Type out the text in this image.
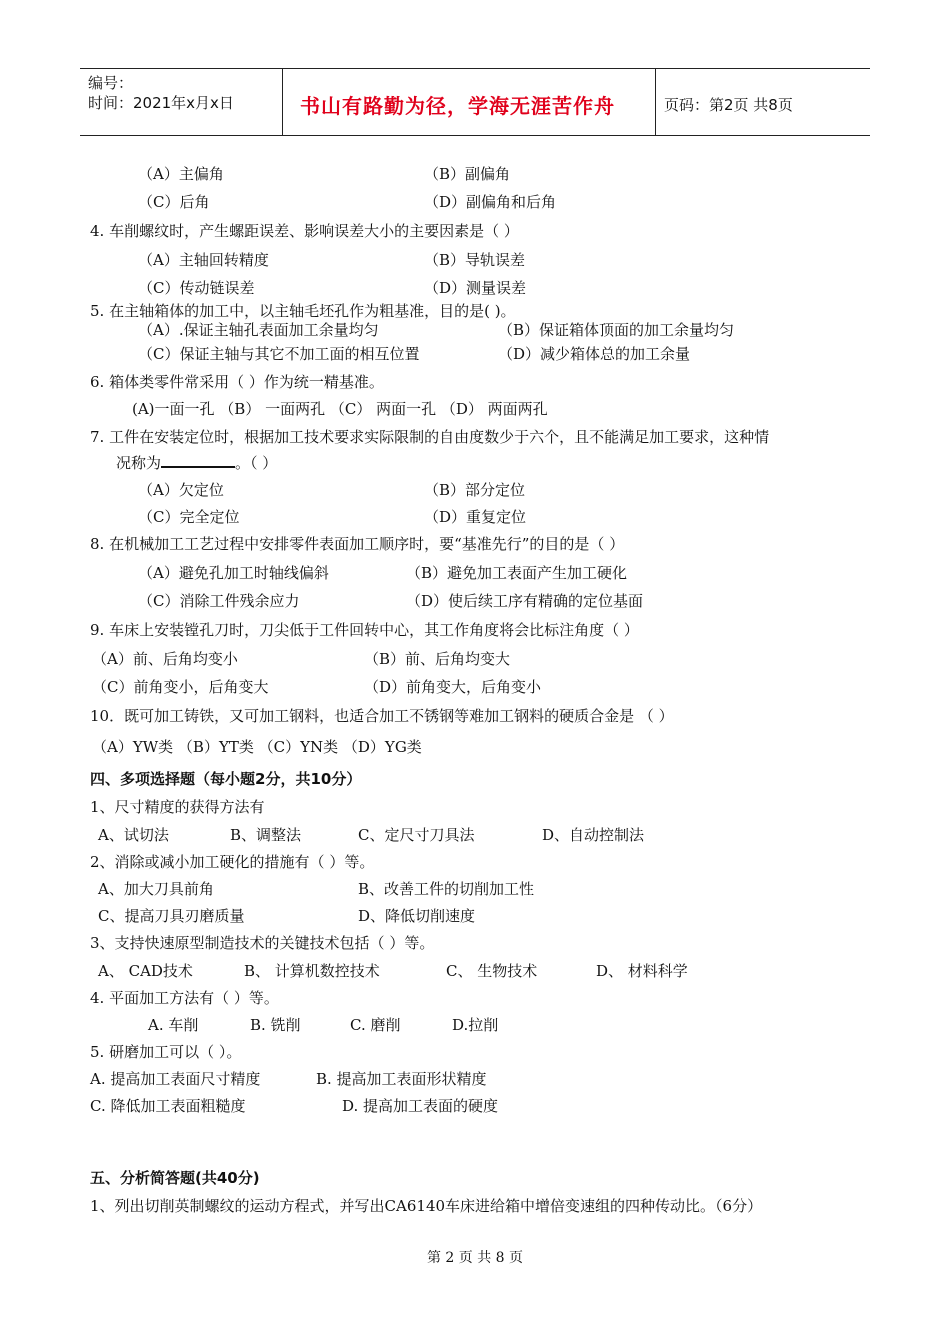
编号：
时间：2021年x月x日	书山有路勤为径，学海无涯苦作舟	页码：第2页 共8页
（A）主偏角	（B）副偏角
（C）后角	（D）副偏角和后角
4. 车削螺纹时，产生螺距误差、影响误差大小的主要因素是（ ）
（A）主轴回转精度	（B）导轨误差
（C）传动链误差	（D）测量误差
5. 在主轴箱体的加工中，以主轴毛坯孔作为粗基准，目的是( )。
（A）.保证主轴孔表面加工余量均匀	（B）保证箱体顶面的加工余量均匀
（C）保证主轴与其它不加工面的相互位置	（D）减少箱体总的加工余量
6. 箱体类零件常采用（ ）作为统一精基准。
(A)一面一孔 （B） 一面两孔 （C） 两面一孔 （D） 两面两孔
7. 工件在安装定位时，根据加工技术要求实际限制的自由度数少于六个，且不能满足加工要求，这种情
况称为	。（ ）
（A）欠定位	（B）部分定位
（C）完全定位	（D）重复定位
8. 在机械加工工艺过程中安排零件表面加工顺序时，要“基准先行”的目的是（ ）
（A）避免孔加工时轴线偏斜	（B）避免加工表面产生加工硬化
（C）消除工件残余应力	（D）使后续工序有精确的定位基面
9. 车床上安装镗孔刀时，刀尖低于工件回转中心，其工作角度将会比标注角度（ ）
（A）前、后角均变小	（B）前、后角均变大
（C）前角变小，后角变大	（D）前角变大，后角变小
10．既可加工铸铁，又可加工钢料，也适合加工不锈钢等难加工钢料的硬质合金是 （ ）
（A）YW类 （B）YT类 （C）YN类 （D）YG类
四、多项选择题（每小题2分，共10分）
1、尺寸精度的获得方法有
A、试切法	B、调整法	C、定尺寸刀具法	D、自动控制法
2、消除或减小加工硬化的措施有（ ）等。
A、加大刀具前角	B、改善工件的切削加工性
C、提高刀具刃磨质量	D、降低切削速度
3、支持快速原型制造技术的关键技术包括（ ）等。
A、 CAD技术	B、 计算机数控技术	C、 生物技术	D、 材料科学
4. 平面加工方法有（ ）等。
A. 车削	B. 铣削	C. 磨削	D.拉削
5. 研磨加工可以（ ）。
A. 提高加工表面尺寸精度	B. 提高加工表面形状精度
C. 降低加工表面粗糙度	D. 提高加工表面的硬度
五、分析简答题(共40分)
1、列出切削英制螺纹的运动方程式，并写出CA6140车床进给箱中增倍变速组的四种传动比。（6分）
第 2 页 共 8 页
